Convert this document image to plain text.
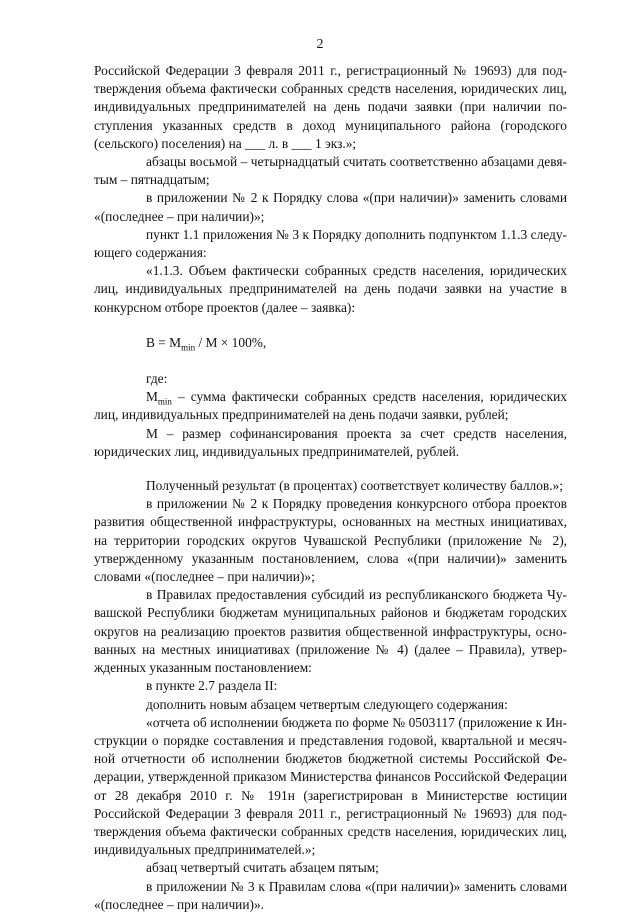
2

Российской Федерации 3 февраля 2011 г., регистрационный № 19693) для подтверждения объема фактически собранных средств населения, юридических лиц, индивидуальных предпринимателей на день подачи заявки (при наличии поступления указанных средств в доход муниципального района (городского (сельского) поселения) на ___ л. в ___ 1 экз.»;

абзацы восьмой – четырнадцатый считать соответственно абзацами девятым – пятнадцатым;

в приложении № 2 к Порядку слова «(при наличии)» заменить словами «(последнее – при наличии)»;

пункт 1.1 приложения № 3 к Порядку дополнить подпунктом 1.1.3 следующего содержания:

«1.1.3. Объем фактически собранных средств населения, юридических лиц, индивидуальных предпринимателей на день подачи заявки на участие в конкурсном отборе проектов (далее – заявка):

$B = M_{min} / M \times 100\%$,

где:

$M_{min}$ – сумма фактически собранных средств населения, юридических лиц, индивидуальных предпринимателей на день подачи заявки, рублей;

M – размер софинансирования проекта за счет средств населения, юридических лиц, индивидуальных предпринимателей, рублей.

Полученный результат (в процентах) соответствует количеству баллов.»;

в приложении № 2 к Порядку проведения конкурсного отбора проектов развития общественной инфраструктуры, основанных на местных инициативах, на территории городских округов Чувашской Республики (приложение № 2), утвержденному указанным постановлением, слова «(при наличии)» заменить словами «(последнее – при наличии)»;

в Правилах предоставления субсидий из республиканского бюджета Чувашской Республики бюджетам муниципальных районов и бюджетам городских округов на реализацию проектов развития общественной инфраструктуры, основанных на местных инициативах (приложение № 4) (далее – Правила), утвержденных указанным постановлением:

в пункте 2.7 раздела II:

дополнить новым абзацем четвертым следующего содержания:

«отчета об исполнении бюджета по форме № 0503117 (приложение к Инструкции о порядке составления и представления годовой, квартальной и месячной отчетности об исполнении бюджетов бюджетной системы Российской Федерации, утвержденной приказом Министерства финансов Российской Федерации от 28 декабря 2010 г. № 191н (зарегистрирован в Министерстве юстиции Российской Федерации 3 февраля 2011 г., регистрационный № 19693) для подтверждения объема фактически собранных средств населения, юридических лиц, индивидуальных предпринимателей.»;

абзац четвертый считать абзацем пятым;

в приложении № 3 к Правилам слова «(при наличии)» заменить словами «(последнее – при наличии)».
